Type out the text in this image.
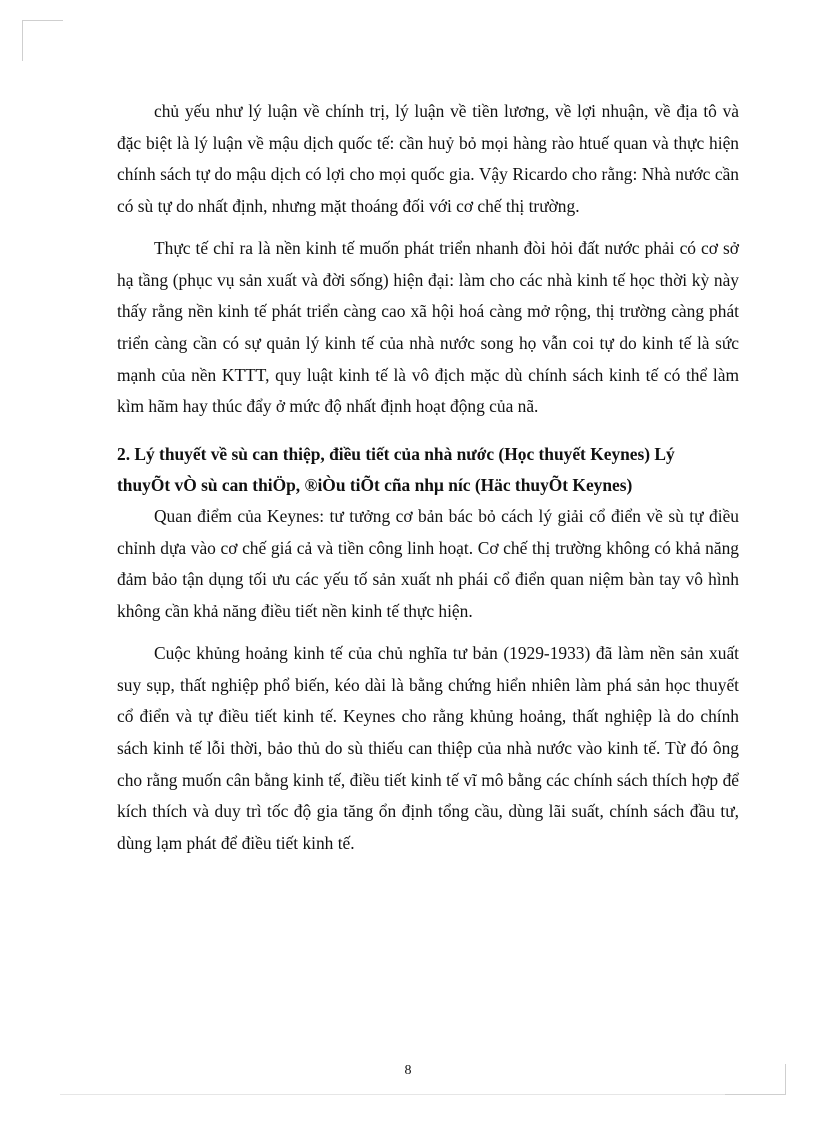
chủ yếu như lý luận về chính trị, lý luận về tiền lương, về lợi nhuận, về địa tô và đặc biệt là lý luận về mậu dịch quốc tế: cần huỷ bỏ mọi hàng rào htuế quan và thực hiện chính sách tự do mậu dịch có lợi cho mọi quốc gia. Vậy Ricardo cho rằng: Nhà nước cần có sù tự do nhất định, nhưng mặt thoáng đối với cơ chế thị trường.

Thực tế chỉ ra là nền kinh tế muốn phát triển nhanh đòi hỏi đất nước phải có cơ sở hạ tầng (phục vụ sản xuất và đời sống) hiện đại: làm cho các nhà kinh tế học thời kỳ này thấy rằng nền kinh tế phát triển càng cao xã hội hoá càng mở rộng, thị trường càng phát triển càng cần có sự quản lý kinh tế của nhà nước song họ vẫn coi tự do kinh tế là sức mạnh của nền KTTT, quy luật kinh tế là vô địch mặc dù chính sách kinh tế có thể làm kìm hãm hay thúc đẩy ở mức độ nhất định hoạt động của nã.

2. Lý thuyết về sù can thiệp, điều tiết của nhà nước (Học thuyết Keynes) Lý
thuyÕt vÒ sù can thiÖp, ®iÒu tiÕt cña nhµ níc (Häc thuyÕt Keynes)

Quan điểm của Keynes: tư tưởng cơ bản bác bỏ cách lý giải cổ điển về sù tự điều chỉnh dựa vào cơ chế giá cả và tiền công linh hoạt. Cơ chế thị trường không có khả năng đảm bảo tận dụng tối ưu các yếu tố sản xuất nh phái cổ điển quan niệm bàn tay vô hình không cần khả năng điều tiết nền kinh tế thực hiện.

Cuộc khủng hoảng kinh tế của chủ nghĩa tư bản (1929-1933) đã làm nền sản xuất suy sụp, thất nghiệp phổ biến, kéo dài là bằng chứng hiển nhiên làm phá sản học thuyết cổ điển và tự điều tiết kinh tế. Keynes cho rằng khủng hoảng, thất nghiệp là do chính sách kinh tế lỗi thời, bảo thủ do sù thiếu can thiệp của nhà nước vào kinh tế. Từ đó ông cho rằng muốn cân bằng kinh tế, điều tiết kinh tế vĩ mô bằng các chính sách thích hợp để kích thích và duy trì tốc độ gia tăng ổn định tổng cầu, dùng lãi suất, chính sách đầu tư, dùng lạm phát để điều tiết kinh tế.

8
